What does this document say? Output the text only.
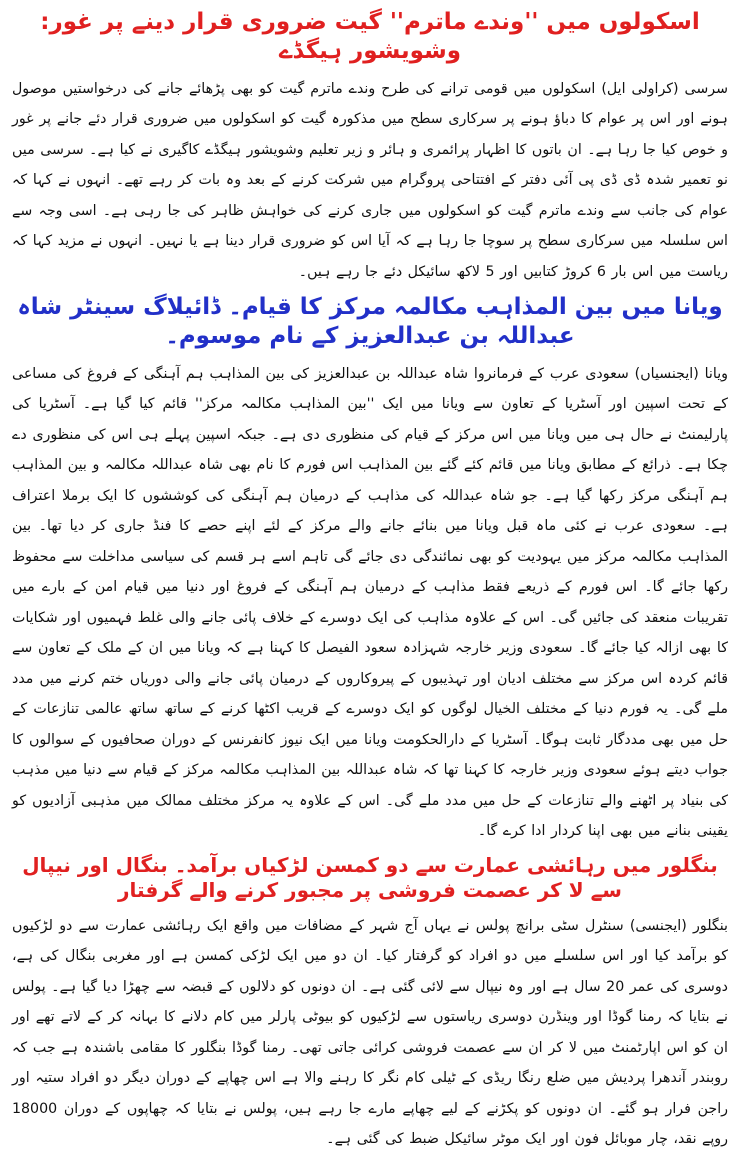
اسکولوں میں ''وندے ماترم'' گیت ضروری قرار دینے پر غور: وشویشور ہیگڈے

سرسی (کراولی ایل) اسکولوں میں قومی ترانے کی طرح وندے ماترم گیت کو بھی پڑھائے جانے کی درخواستیں موصول ہونے اور اس پر عوام کا دباؤ ہونے پر سرکاری سطح میں مذکورہ گیت کو اسکولوں میں ضروری قرار دئے جانے پر غور و خوص کیا جا رہا ہے۔ ان باتوں کا اظہار پرائمری و ہائر و زیر تعلیم وشویشور ہیگڈے کاگیری نے کیا ہے۔ سرسی میں نو تعمیر شدہ ڈی ڈی پی آئی دفتر کے افتتاحی پروگرام میں شرکت کرنے کے بعد وہ بات کر رہے تھے۔ انہوں نے کہا کہ عوام کی جانب سے وندے ماترم گیت کو اسکولوں میں جاری کرنے کی خواہش ظاہر کی جا رہی ہے۔ اسی وجہ سے اس سلسلہ میں سرکاری سطح پر سوچا جا رہا ہے کہ آیا اس کو ضروری قرار دینا ہے یا نہیں۔ انہوں نے مزید کہا کہ ریاست میں اس بار 6 کروڑ کتابیں اور 5 لاکھ سائیکل دئے جا رہے ہیں۔

ویانا میں بین المذاہب مکالمہ مرکز کا قیام۔ ڈائیلاگ سینٹر شاہ عبداللہ بن عبدالعزیز کے نام موسوم۔

ویانا (ایجنسیاں) سعودی عرب کے فرمانروا شاہ عبداللہ بن عبدالعزیز کی بین المذاہب ہم آہنگی کے فروغ کی مساعی کے تحت اسپین اور آسٹریا کے تعاون سے ویانا میں ایک ''بین المذاہب مکالمہ مرکز'' قائم کیا گیا ہے۔ آسٹریا کی پارلیمنٹ نے حال ہی میں ویانا میں اس مرکز کے قیام کی منظوری دی ہے۔ جبکہ اسپین پہلے ہی اس کی منظوری دے چکا ہے۔ ذرائع کے مطابق ویانا میں قائم کئے گئے بین المذاہب اس فورم کا نام بھی شاہ عبداللہ مکالمہ و بین المذاہب ہم آہنگی مرکز رکھا گیا ہے۔ جو شاہ عبداللہ کی مذاہب کے درمیان ہم آہنگی کی کوششوں کا ایک برملا اعتراف ہے۔ سعودی عرب نے کئی ماہ قبل ویانا میں بنائے جانے والے مرکز کے لئے اپنے حصے کا فنڈ جاری کر دیا تھا۔ بین المذاہب مکالمہ مرکز میں یہودیت کو بھی نمائندگی دی جائے گی تاہم اسے ہر قسم کی سیاسی مداخلت سے محفوظ رکھا جائے گا۔ اس فورم کے ذریعے فقط مذاہب کے درمیان ہم آہنگی کے فروغ اور دنیا میں قیام امن کے بارے میں تقریبات منعقد کی جائیں گی۔ اس کے علاوہ مذاہب کی ایک دوسرے کے خلاف پائی جانے والی غلط فہمیوں اور شکایات کا بھی ازالہ کیا جائے گا۔ سعودی وزیر خارجہ شہزادہ سعود الفیصل کا کہنا ہے کہ ویانا میں ان کے ملک کے تعاون سے قائم کردہ اس مرکز سے مختلف ادیان اور تہذیبوں کے پیروکاروں کے درمیان پائی جانے والی دوریاں ختم کرنے میں مدد ملے گی۔ یہ فورم دنیا کے مختلف الخیال لوگوں کو ایک دوسرے کے قریب اکٹھا کرنے کے ساتھ ساتھ عالمی تنازعات کے حل میں بھی مددگار ثابت ہوگا۔ آسٹریا کے دارالحکومت ویانا میں ایک نیوز کانفرنس کے دوران صحافیوں کے سوالوں کا جواب دیتے ہوئے سعودی وزیر خارجہ کا کہنا تھا کہ شاہ عبداللہ بین المذاہب مکالمہ مرکز کے قیام سے دنیا میں مذہب کی بنیاد پر اٹھنے والے تنازعات کے حل میں مدد ملے گی۔ اس کے علاوہ یہ مرکز مختلف ممالک میں مذہبی آزادیوں کو یقینی بنانے میں بھی اپنا کردار ادا کرے گا۔

بنگلور میں رہائشی عمارت سے دو کمسن لڑکیاں برآمد۔ بنگال اور نیپال سے لا کر عصمت فروشی پر مجبور کرنے والے گرفتار

بنگلور (ایجنسی) سنٹرل سٹی برانچ پولس نے یہاں آج شہر کے مضافات میں واقع ایک رہائشی عمارت سے دو لڑکیوں کو برآمد کیا اور اس سلسلے میں دو افراد کو گرفتار کیا۔ ان دو میں ایک لڑکی کمسن ہے اور مغربی بنگال کی ہے، دوسری کی عمر 20 سال ہے اور وہ نیپال سے لائی گئی ہے۔ ان دونوں کو دلالوں کے قبضہ سے چھڑا دیا گیا ہے۔ پولس نے بتایا کہ رمنا گوڈا اور وینڈرن دوسری ریاستوں سے لڑکیوں کو بیوٹی پارلر میں کام دلانے کا بہانہ کر کے لاتے تھے اور ان کو اس اپارٹمنٹ میں لا کر ان سے عصمت فروشی کرائی جاتی تھی۔ رمنا گوڈا بنگلور کا مقامی باشندہ ہے جب کہ روبندر آندھرا پردیش میں ضلع رنگا ریڈی کے ٹیلی کام نگر کا رہنے والا ہے اس چھاپے کے دوران دیگر دو افراد ستیہ اور راجن فرار ہو گئے۔ ان دونوں کو پکڑنے کے لیے چھاپے مارے جا رہے ہیں، پولس نے بتایا کہ چھاپوں کے دوران 18000 روپے نقد، چار موبائل فون اور ایک موٹر سائیکل ضبط کی گئی ہے۔
